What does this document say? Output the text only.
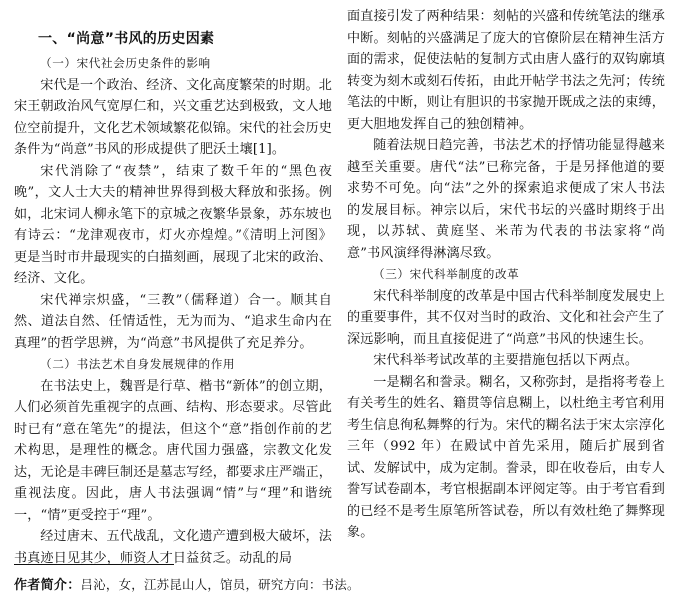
一、“尚意”书风的历史因素

（一）宋代社会历史条件的影响

宋代是一个政治、经济、文化高度繁荣的时期。北宋王朝政治风气宽厚仁和，兴文重艺达到极致，文人地位空前提升，文化艺术领域繁花似锦。宋代的社会历史条件为“尚意”书风的形成提供了肥沃土壤[1]。

宋代消除了“夜禁”，结束了数千年的“黑色夜晚”，文人士大夫的精神世界得到极大释放和张扬。例如，北宋词人柳永笔下的京城之夜繁华景象，苏东坡也有诗云：“龙津观夜市，灯火亦煌煌。”《清明上河图》更是当时市井最现实的白描刻画，展现了北宋的政治、经济、文化。

宋代禅宗炽盛，“三教”（儒释道）合一。顺其自然、道法自然、任情适性，无为而为、“追求生命内在真理”的哲学思辨，为“尚意”书风提供了充足养分。

（二）书法艺术自身发展规律的作用

在书法史上，魏晋是行草、楷书“新体”的创立期，人们必须首先重视字的点画、结构、形态要求。尽管此时已有“意在笔先”的提法，但这个“意”指创作前的艺术构思，是理性的概念。唐代国力强盛，宗教文化发达，无论是丰碑巨制还是墓志写经，都要求庄严端正，重视法度。因此，唐人书法强调“情”与“理”和谐统一，“情”更受控于“理”。

经过唐末、五代战乱，文化遗产遭到极大破坏，法书真迹日见其少，师资人才日益贫乏。动乱的局

面直接引发了两种结果：刻帖的兴盛和传统笔法的继承中断。刻帖的兴盛满足了庞大的官僚阶层在精神生活方面的需求，促使法帖的复制方式由唐人盛行的双钩廓填转变为刻木或刻石传拓，由此开帖学书法之先河；传统笔法的中断，则让有胆识的书家抛开既成之法的束缚，更大胆地发挥自己的独创精神。

随着法规日趋完善，书法艺术的抒情功能显得越来越至关重要。唐代“法”已称完备，于是另择他道的要求势不可免。向“法”之外的探索追求便成了宋人书法的发展目标。神宗以后，宋代书坛的兴盛时期终于出现，以苏轼、黄庭坚、米芾为代表的书法家将“尚意”书风演绎得淋漓尽致。

（三）宋代科举制度的改革

宋代科举制度的改革是中国古代科举制度发展史上的重要事件，其不仅对当时的政治、文化和社会产生了深远影响，而且直接促进了“尚意”书风的快速生长。

宋代科举考试改革的主要措施包括以下两点。

一是糊名和誊录。糊名，又称弥封，是指将考卷上有关考生的姓名、籍贯等信息糊上，以杜绝主考官利用考生信息徇私舞弊的行为。宋代的糊名法于宋太宗淳化三年（992 年）在殿试中首先采用，随后扩展到省试、发解试中，成为定制。誊录，即在收卷后，由专人誊写试卷副本，考官根据副本评阅定等。由于考官看到的已经不是考生原笔所答试卷，所以有效杜绝了舞弊现象。

作者简介：吕沁，女，江苏昆山人，馆员，研究方向：书法。
